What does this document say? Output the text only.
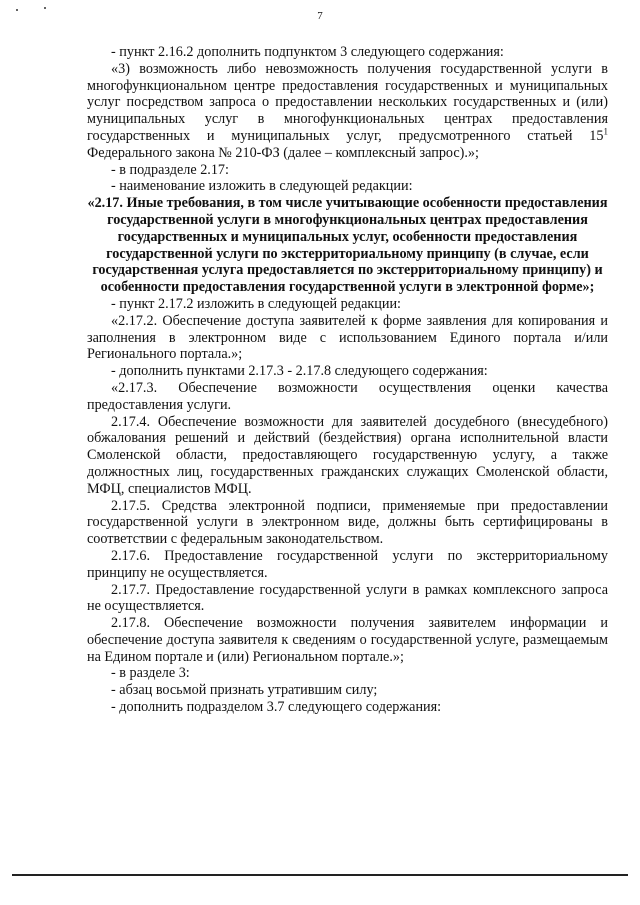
7

- пункт 2.16.2 дополнить подпунктом 3 следующего содержания:

«3) возможность либо невозможность получения государственной услуги в многофункциональном центре предоставления государственных и муниципальных услуг посредством запроса о предоставлении нескольких государственных и (или) муниципальных услуг в многофункциональных центрах предоставления государственных и муниципальных услуг, предусмотренного статьей $15^1$ Федерального закона № 210-ФЗ (далее – комплексный запрос).»;

- в подразделе 2.17:

- наименование изложить в следующей редакции:

«2.17. Иные требования, в том числе учитывающие особенности предоставления государственной услуги в многофункциональных центрах предоставления государственных и муниципальных услуг, особенности предоставления государственной услуги по экстерриториальному принципу (в случае, если государственная услуга предоставляется по экстерриториальному принципу) и особенности предоставления государственной услуги в электронной форме»;

- пункт 2.17.2 изложить в следующей редакции:

«2.17.2. Обеспечение доступа заявителей к форме заявления для копирования и заполнения в электронном виде с использованием Единого портала и/или Регионального портала.»;

- дополнить пунктами 2.17.3 - 2.17.8 следующего содержания:

«2.17.3. Обеспечение возможности осуществления оценки качества предоставления услуги.

2.17.4. Обеспечение возможности для заявителей досудебного (внесудебного) обжалования решений и действий (бездействия) органа исполнительной власти Смоленской области, предоставляющего государственную услугу, а также должностных лиц, государственных гражданских служащих Смоленской области, МФЦ, специалистов МФЦ.

2.17.5. Средства электронной подписи, применяемые при предоставлении государственной услуги в электронном виде, должны быть сертифицированы в соответствии с федеральным законодательством.

2.17.6. Предоставление государственной услуги по экстерриториальному принципу не осуществляется.

2.17.7. Предоставление государственной услуги в рамках комплексного запроса не осуществляется.

2.17.8. Обеспечение возможности получения заявителем информации и обеспечение доступа заявителя к сведениям о государственной услуге, размещаемым на Едином портале и (или) Региональном портале.»;

- в разделе 3:

- абзац восьмой признать утратившим силу;

- дополнить подразделом 3.7 следующего содержания:
